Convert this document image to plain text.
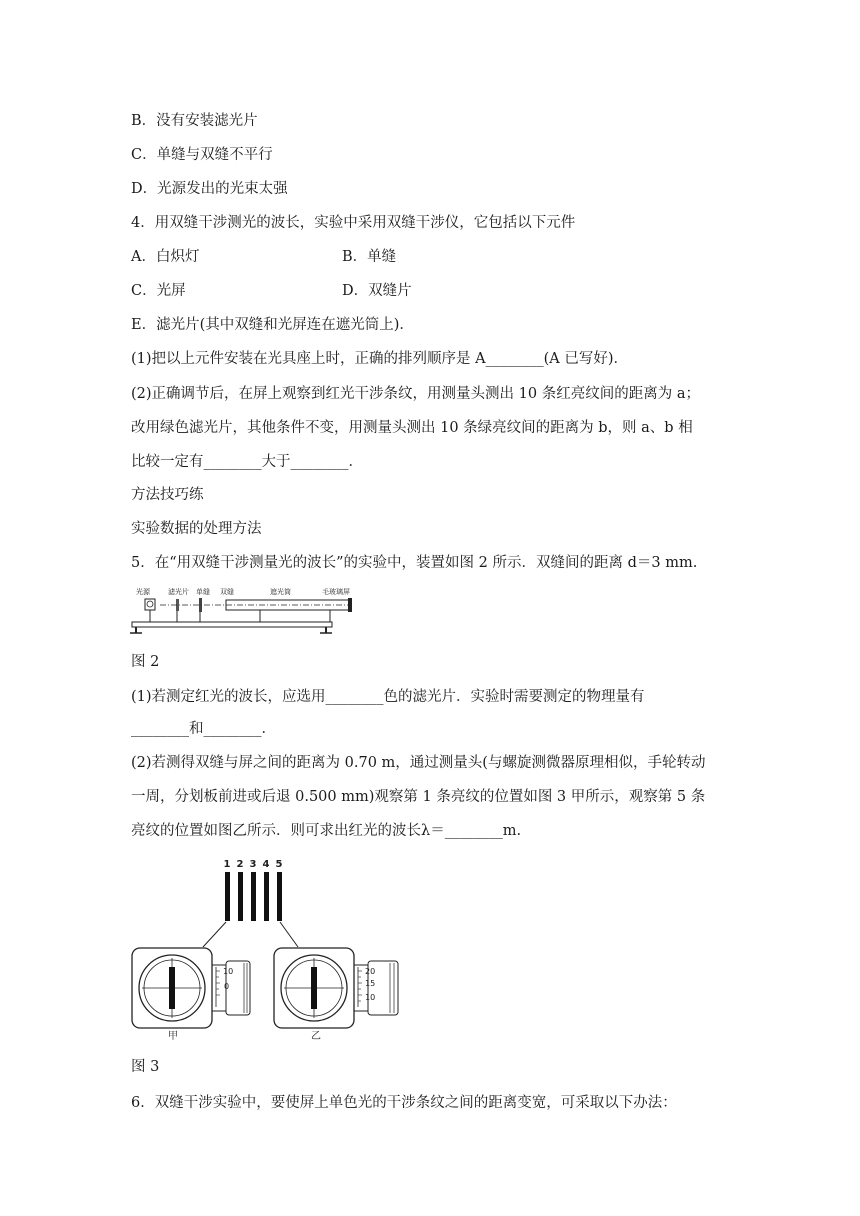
B．没有安装滤光片
C．单缝与双缝不平行
D．光源发出的光束太强
4．用双缝干涉测光的波长，实验中采用双缝干涉仪，它包括以下元件
A．白炽灯	B．单缝
C．光屏	D．双缝片
E．滤光片(其中双缝和光屏连在遮光筒上)．
(1)把以上元件安装在光具座上时，正确的排列顺序是 A________(A 已写好)．
(2)正确调节后，在屏上观察到红光干涉条纹，用测量头测出 10 条红亮纹间的距离为 a；
改用绿色滤光片，其他条件不变，用测量头测出 10 条绿亮纹间的距离为 b，则 a、b 相
比较一定有________大于________．
方法技巧练
实验数据的处理方法
5．在“用双缝干涉测量光的波长”的实验中，装置如图 2 所示．双缝间的距离 d＝3 mm.
光源	滤光片 单缝 双缝	遮光筒	毛玻璃屏
图 2
(1)若测定红光的波长，应选用________色的滤光片．实验时需要测定的物理量有
________和________．
(2)若测得双缝与屏之间的距离为 0.70 m，通过测量头(与螺旋测微器原理相似，手轮转动
一周，分划板前进或后退 0.500 mm)观察第 1 条亮纹的位置如图 3 甲所示，观察第 5 条
亮纹的位置如图乙所示．则可求出红光的波长λ＝________m.
1 2 3 4 5
10
0
甲
20
15
10
乙
图 3
6．双缝干涉实验中，要使屏上单色光的干涉条纹之间的距离变宽，可采取以下办法：
